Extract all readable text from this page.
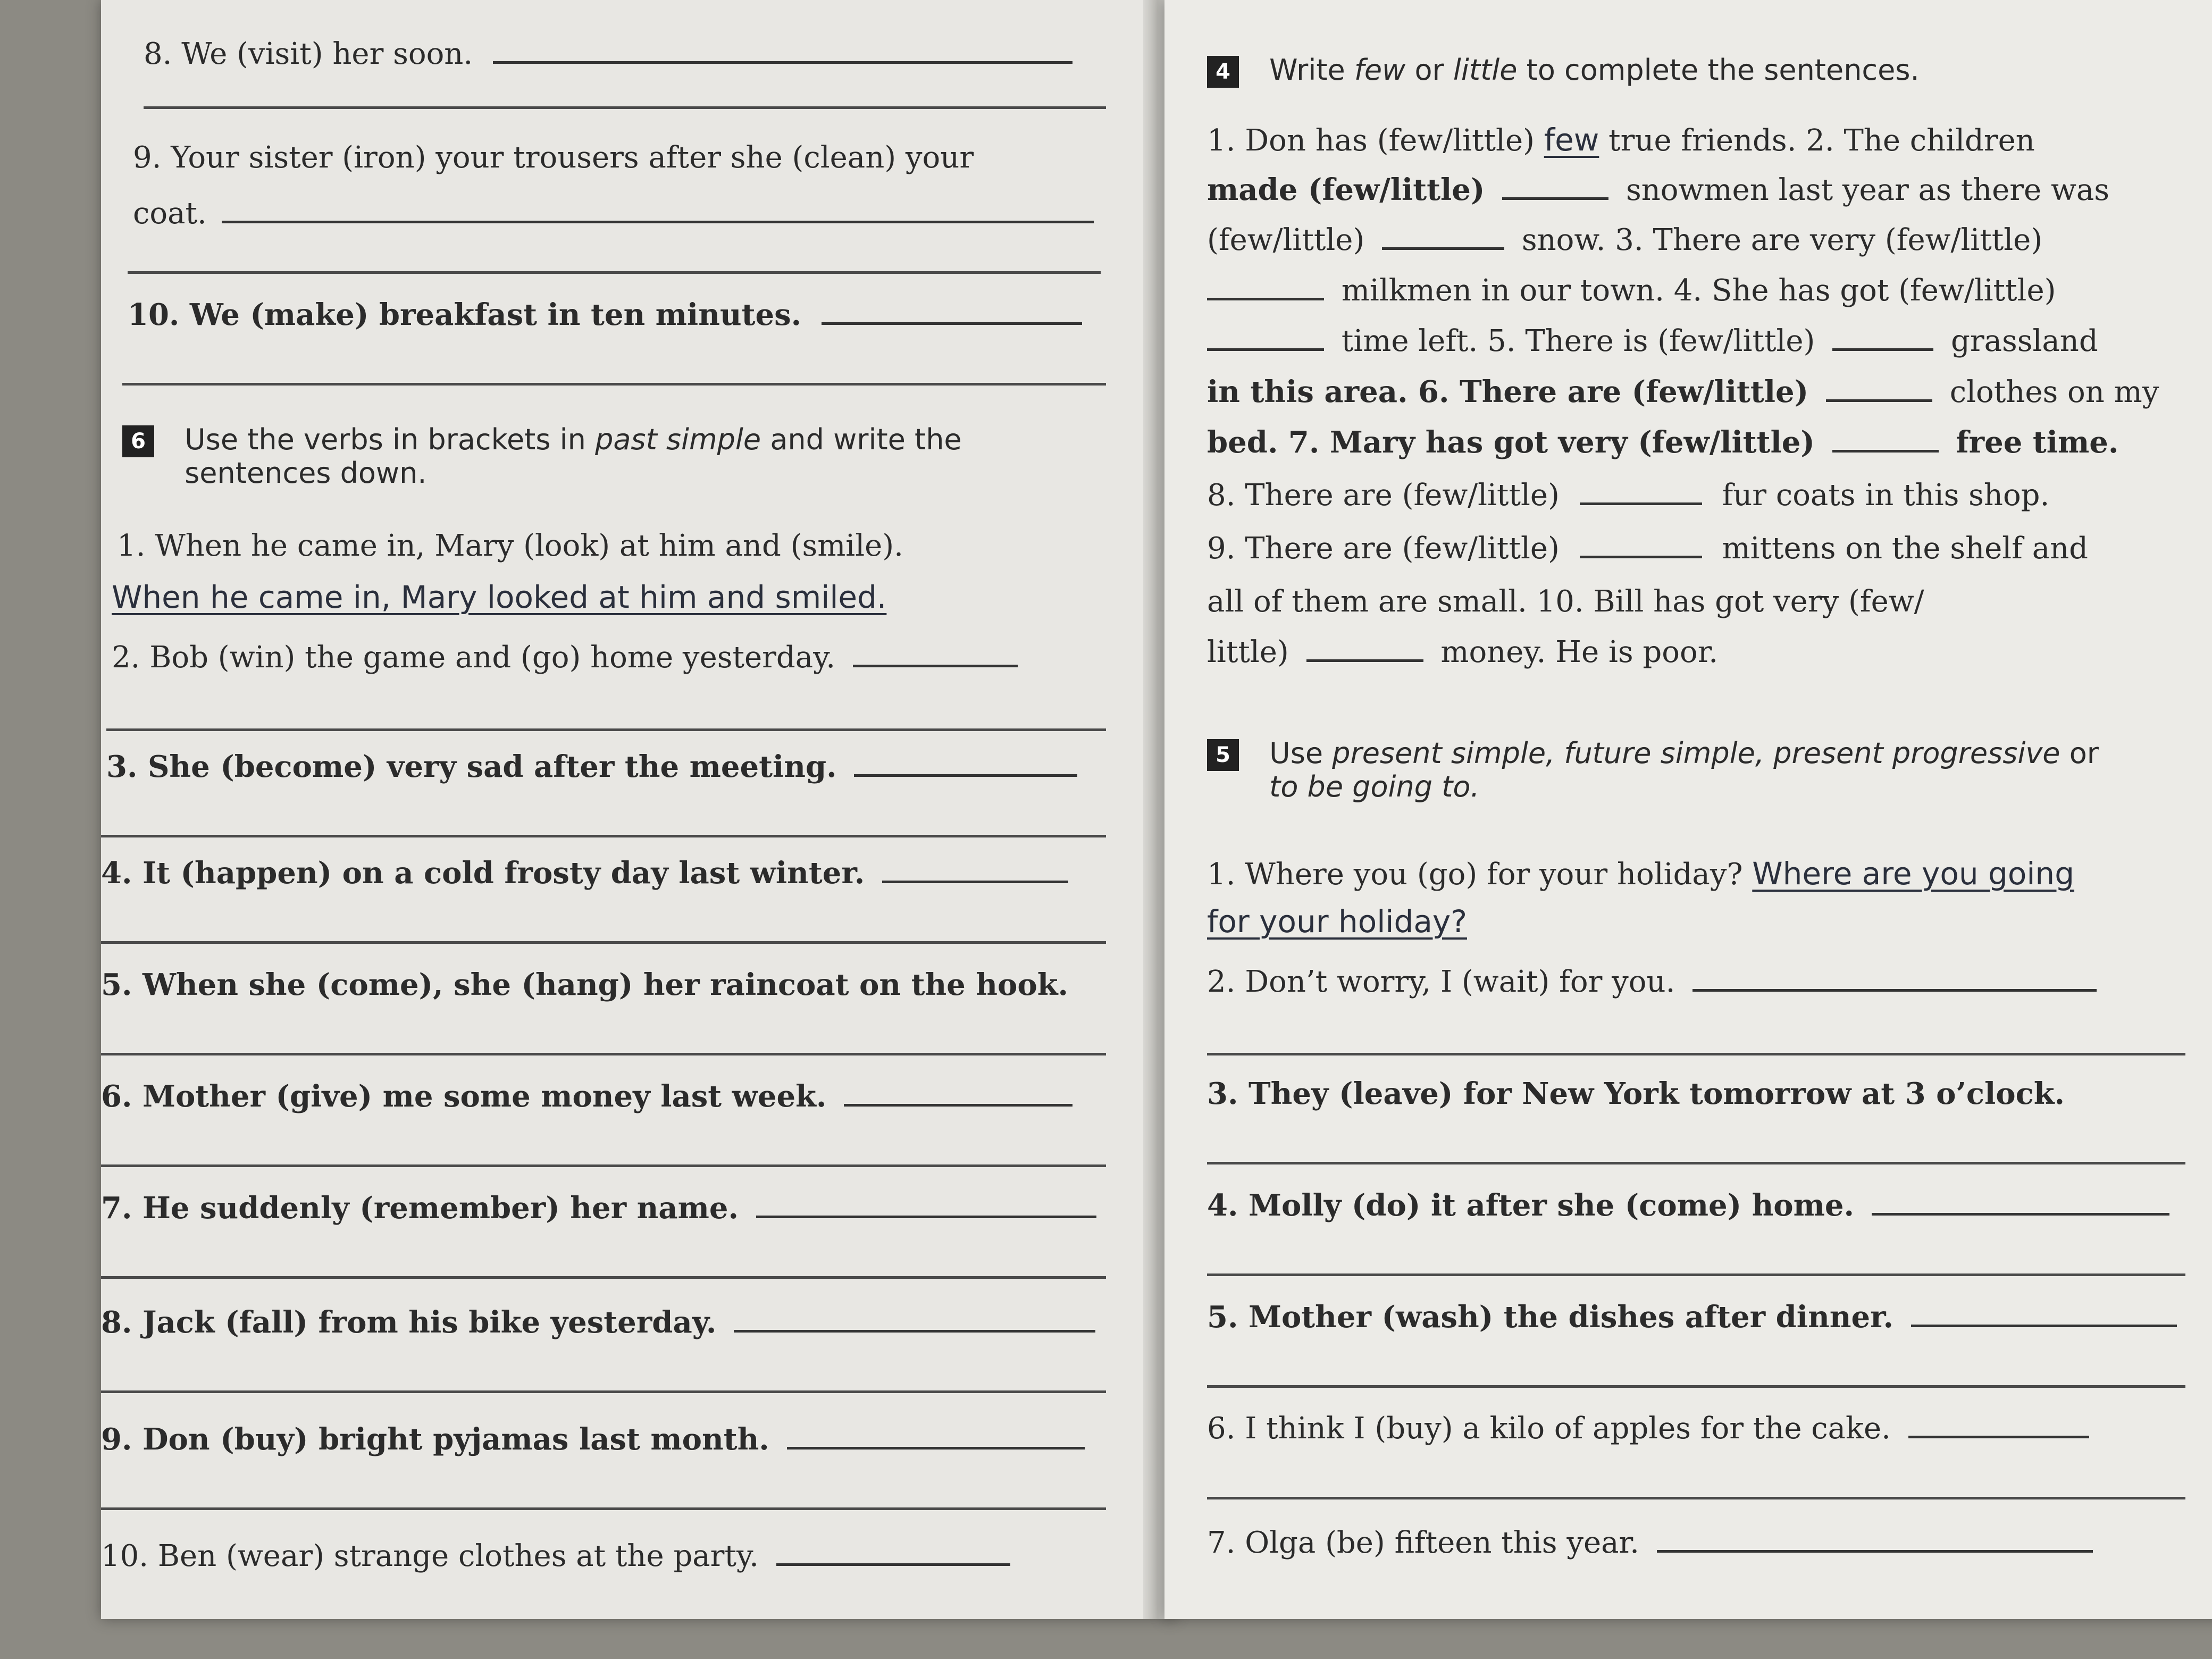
8. We (visit) her soon.
9. Your sister (iron) your trousers after she (clean) your
coat.
10. We (make) breakfast in ten minutes.
6 Use the verbs in brackets in past simple and write the
sentences down.
1. When he came in, Mary (look) at him and (smile).
When he came in, Mary looked at him and smiled.
2. Bob (win) the game and (go) home yesterday.
3. She (become) very sad after the meeting.
4. It (happen) on a cold frosty day last winter.
5. When she (come), she (hang) her raincoat on the hook.
6. Mother (give) me some money last week.
7. He suddenly (remember) her name.
8. Jack (fall) from his bike yesterday.
9. Don (buy) bright pyjamas last month.
10. Ben (wear) strange clothes at the party.
4 Write few or little to complete the sentences.
1. Don has (few/little) few true friends. 2. The children
made (few/little)	snowmen last year as there was
(few/little)	snow. 3. There are very (few/little)
milkmen in our town. 4. She has got (few/little)
time left. 5. There is (few/little)	grassland
in this area. 6. There are (few/little)	clothes on my
bed. 7. Mary has got very (few/little)	free time.
8. There are (few/little)	fur coats in this shop.
9. There are (few/little)	mittens on the shelf and
all of them are small. 10. Bill has got very (few/
little)	money. He is poor.
5 Use present simple, future simple, present progressive or
to be going to.
1. Where you (go) for your holiday? Where are you going
for your holiday?
2. Don’t worry, I (wait) for you.
3. They (leave) for New York tomorrow at 3 o’clock.
4. Molly (do) it after she (come) home.
5. Mother (wash) the dishes after dinner.
6. I think I (buy) a kilo of apples for the cake.
7. Olga (be) fifteen this year.
